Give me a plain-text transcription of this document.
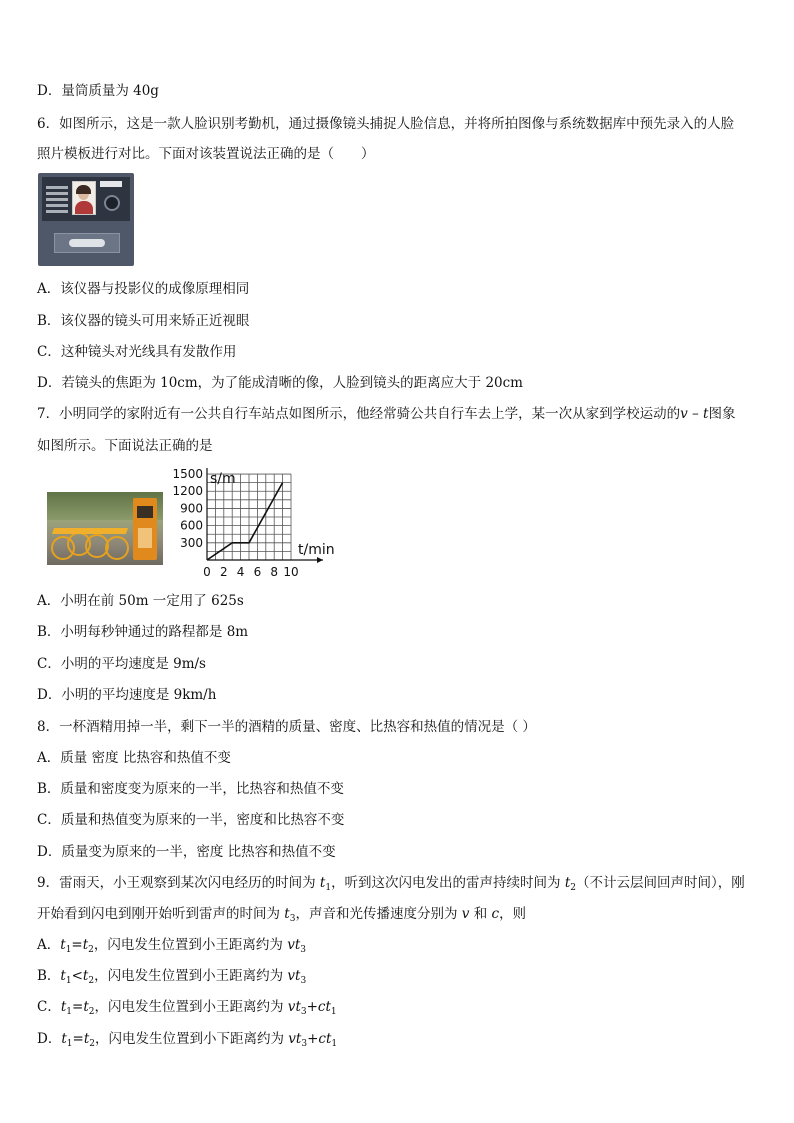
D．量筒质量为 40g
6．如图所示，这是一款人脸识别考勤机，通过摄像镜头捕捉人脸信息，并将所拍图像与系统数据库中预先录入的人脸
照片模板进行对比。下面对该装置说法正确的是（　　）
A．该仪器与投影仪的成像原理相同
B．该仪器的镜头可用来矫正近视眼
C．这种镜头对光线具有发散作用
D．若镜头的焦距为 10cm，为了能成清晰的像，人脸到镜头的距离应大于 20cm
7．小明同学的家附近有一公共自行车站点如图所示，他经常骑公共自行车去上学，某一次从家到学校运动的v – t图象
如图所示。下面说法正确的是
0 2 4 6 8 10
300
600
900
1200
1500 s/m
t/min
A．小明在前 50m 一定用了 625s
B．小明每秒钟通过的路程都是 8m
C．小明的平均速度是 9m/s
D．小明的平均速度是 9km/h
8．一杯酒精用掉一半，剩下一半的酒精的质量、密度、比热容和热值的情况是（ ）
A．质量 密度 比热容和热值不变
B．质量和密度变为原来的一半，比热容和热值不变
C．质量和热值变为原来的一半，密度和比热容不变
D．质量变为原来的一半，密度 比热容和热值不变
9．雷雨天，小王观察到某次闪电经历的时间为 $t_1$，听到这次闪电发出的雷声持续时间为 $t_2$（不计云层间回声时间），刚
开始看到闪电到刚开始听到雷声的时间为 $t_3$，声音和光传播速度分别为 v 和 c，则
A．$t_1=t_2$，闪电发生位置到小王距离约为 $vt_3$
B．$t_1<t_2$，闪电发生位置到小王距离约为 $vt_3$
C．$t_1=t_2$，闪电发生位置到小王距离约为 $vt_3+ct_1$
D．$t_1=t_2$，闪电发生位置到小下距离约为 $vt_3+ct_1$
